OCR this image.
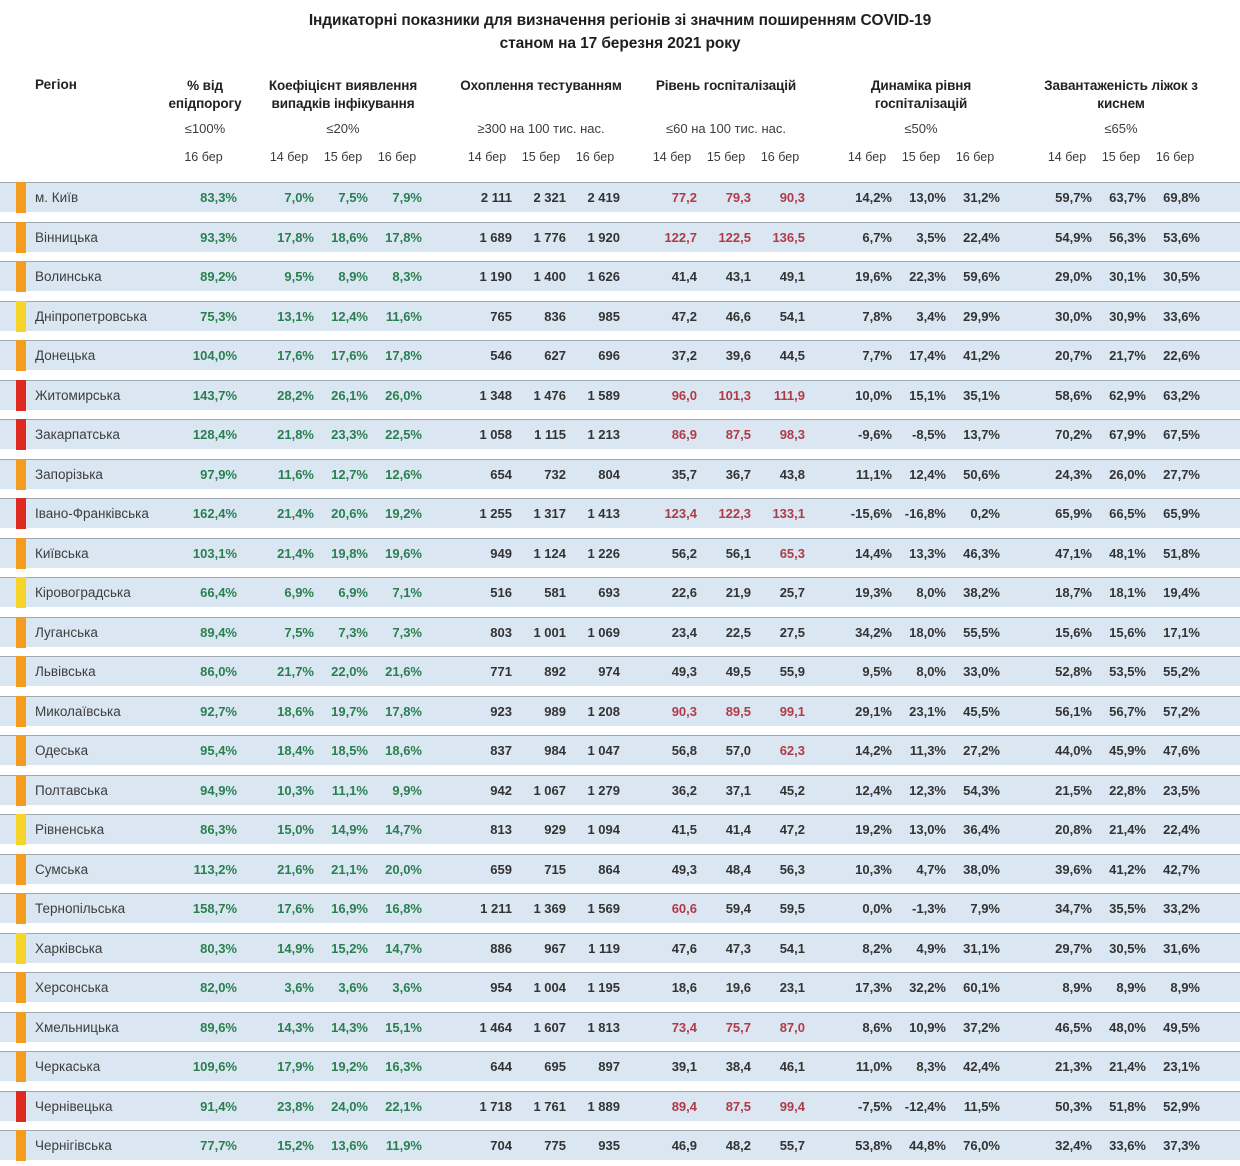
Індикаторні показники для визначення регіонів зі значним поширенням COVID-19
станом на 17 березня 2021 року
Регіон	% від епідпорогу
≤100%
Коефіцієнт виявлення випадків інфікування
≤20%
Охоплення тестуванням
≥300 на 100 тис. нас.
Рівень госпіталізацій
≤60 на 100 тис. нас.
Динаміка рівня госпіталізацій
≤50%
Завантаженість ліжок з киснем
≤65%
16 бер	14 бер	15 бер	16 бер	14 бер	15 бер	16 бер	14 бер	15 бер	16 бер	14 бер	15 бер	16 бер	14 бер	15 бер	16 бер
м. Київ	83,3%	7,0%	7,5%	7,9%	2 111	2 321	2 419	77,2	79,3	90,3	14,2%	13,0%	31,2%	59,7%	63,7%	69,8%
Вінницька	93,3%	17,8%	18,6%	17,8%	1 689	1 776	1 920	122,7	122,5	136,5	6,7%	3,5%	22,4%	54,9%	56,3%	53,6%
Волинська	89,2%	9,5%	8,9%	8,3%	1 190	1 400	1 626	41,4	43,1	49,1	19,6%	22,3%	59,6%	29,0%	30,1%	30,5%
Дніпропетровська	75,3%	13,1%	12,4%	11,6%	765	836	985	47,2	46,6	54,1	7,8%	3,4%	29,9%	30,0%	30,9%	33,6%
Донецька	104,0%	17,6%	17,6%	17,8%	546	627	696	37,2	39,6	44,5	7,7%	17,4%	41,2%	20,7%	21,7%	22,6%
Житомирська	143,7%	28,2%	26,1%	26,0%	1 348	1 476	1 589	96,0	101,3	111,9	10,0%	15,1%	35,1%	58,6%	62,9%	63,2%
Закарпатська	128,4%	21,8%	23,3%	22,5%	1 058	1 115	1 213	86,9	87,5	98,3	-9,6%	-8,5%	13,7%	70,2%	67,9%	67,5%
Запорізька	97,9%	11,6%	12,7%	12,6%	654	732	804	35,7	36,7	43,8	11,1%	12,4%	50,6%	24,3%	26,0%	27,7%
Івано-Франківська	162,4%	21,4%	20,6%	19,2%	1 255	1 317	1 413	123,4	122,3	133,1	-15,6% -16,8%	0,2%	65,9%	66,5%	65,9%
Київська	103,1%	21,4%	19,8%	19,6%	949	1 124	1 226	56,2	56,1	65,3	14,4%	13,3%	46,3%	47,1%	48,1%	51,8%
Кіровоградська	66,4%	6,9%	6,9%	7,1%	516	581	693	22,6	21,9	25,7	19,3%	8,0%	38,2%	18,7%	18,1%	19,4%
Луганська	89,4%	7,5%	7,3%	7,3%	803	1 001	1 069	23,4	22,5	27,5	34,2%	18,0%	55,5%	15,6%	15,6%	17,1%
Львівська	86,0%	21,7%	22,0%	21,6%	771	892	974	49,3	49,5	55,9	9,5%	8,0%	33,0%	52,8%	53,5%	55,2%
Миколаївська	92,7%	18,6%	19,7%	17,8%	923	989	1 208	90,3	89,5	99,1	29,1%	23,1%	45,5%	56,1%	56,7%	57,2%
Одеська	95,4%	18,4%	18,5%	18,6%	837	984	1 047	56,8	57,0	62,3	14,2%	11,3%	27,2%	44,0%	45,9%	47,6%
Полтавська	94,9%	10,3%	11,1%	9,9%	942	1 067	1 279	36,2	37,1	45,2	12,4%	12,3%	54,3%	21,5%	22,8%	23,5%
Рівненська	86,3%	15,0%	14,9%	14,7%	813	929	1 094	41,5	41,4	47,2	19,2%	13,0%	36,4%	20,8%	21,4%	22,4%
Сумська	113,2%	21,6%	21,1%	20,0%	659	715	864	49,3	48,4	56,3	10,3%	4,7%	38,0%	39,6%	41,2%	42,7%
Тернопільська	158,7%	17,6%	16,9%	16,8%	1 211	1 369	1 569	60,6	59,4	59,5	0,0%	-1,3%	7,9%	34,7%	35,5%	33,2%
Харківська	80,3%	14,9%	15,2%	14,7%	886	967	1 119	47,6	47,3	54,1	8,2%	4,9%	31,1%	29,7%	30,5%	31,6%
Херсонська	82,0%	3,6%	3,6%	3,6%	954	1 004	1 195	18,6	19,6	23,1	17,3%	32,2%	60,1%	8,9%	8,9%	8,9%
Хмельницька	89,6%	14,3%	14,3%	15,1%	1 464	1 607	1 813	73,4	75,7	87,0	8,6%	10,9%	37,2%	46,5%	48,0%	49,5%
Черкаська	109,6%	17,9%	19,2%	16,3%	644	695	897	39,1	38,4	46,1	11,0%	8,3%	42,4%	21,3%	21,4%	23,1%
Чернівецька	91,4%	23,8%	24,0%	22,1%	1 718	1 761	1 889	89,4	87,5	99,4	-7,5% -12,4%	11,5%	50,3%	51,8%	52,9%
Чернігівська	77,7%	15,2%	13,6%	11,9%	704	775	935	46,9	48,2	55,7	53,8%	44,8%	76,0%	32,4%	33,6%	37,3%
